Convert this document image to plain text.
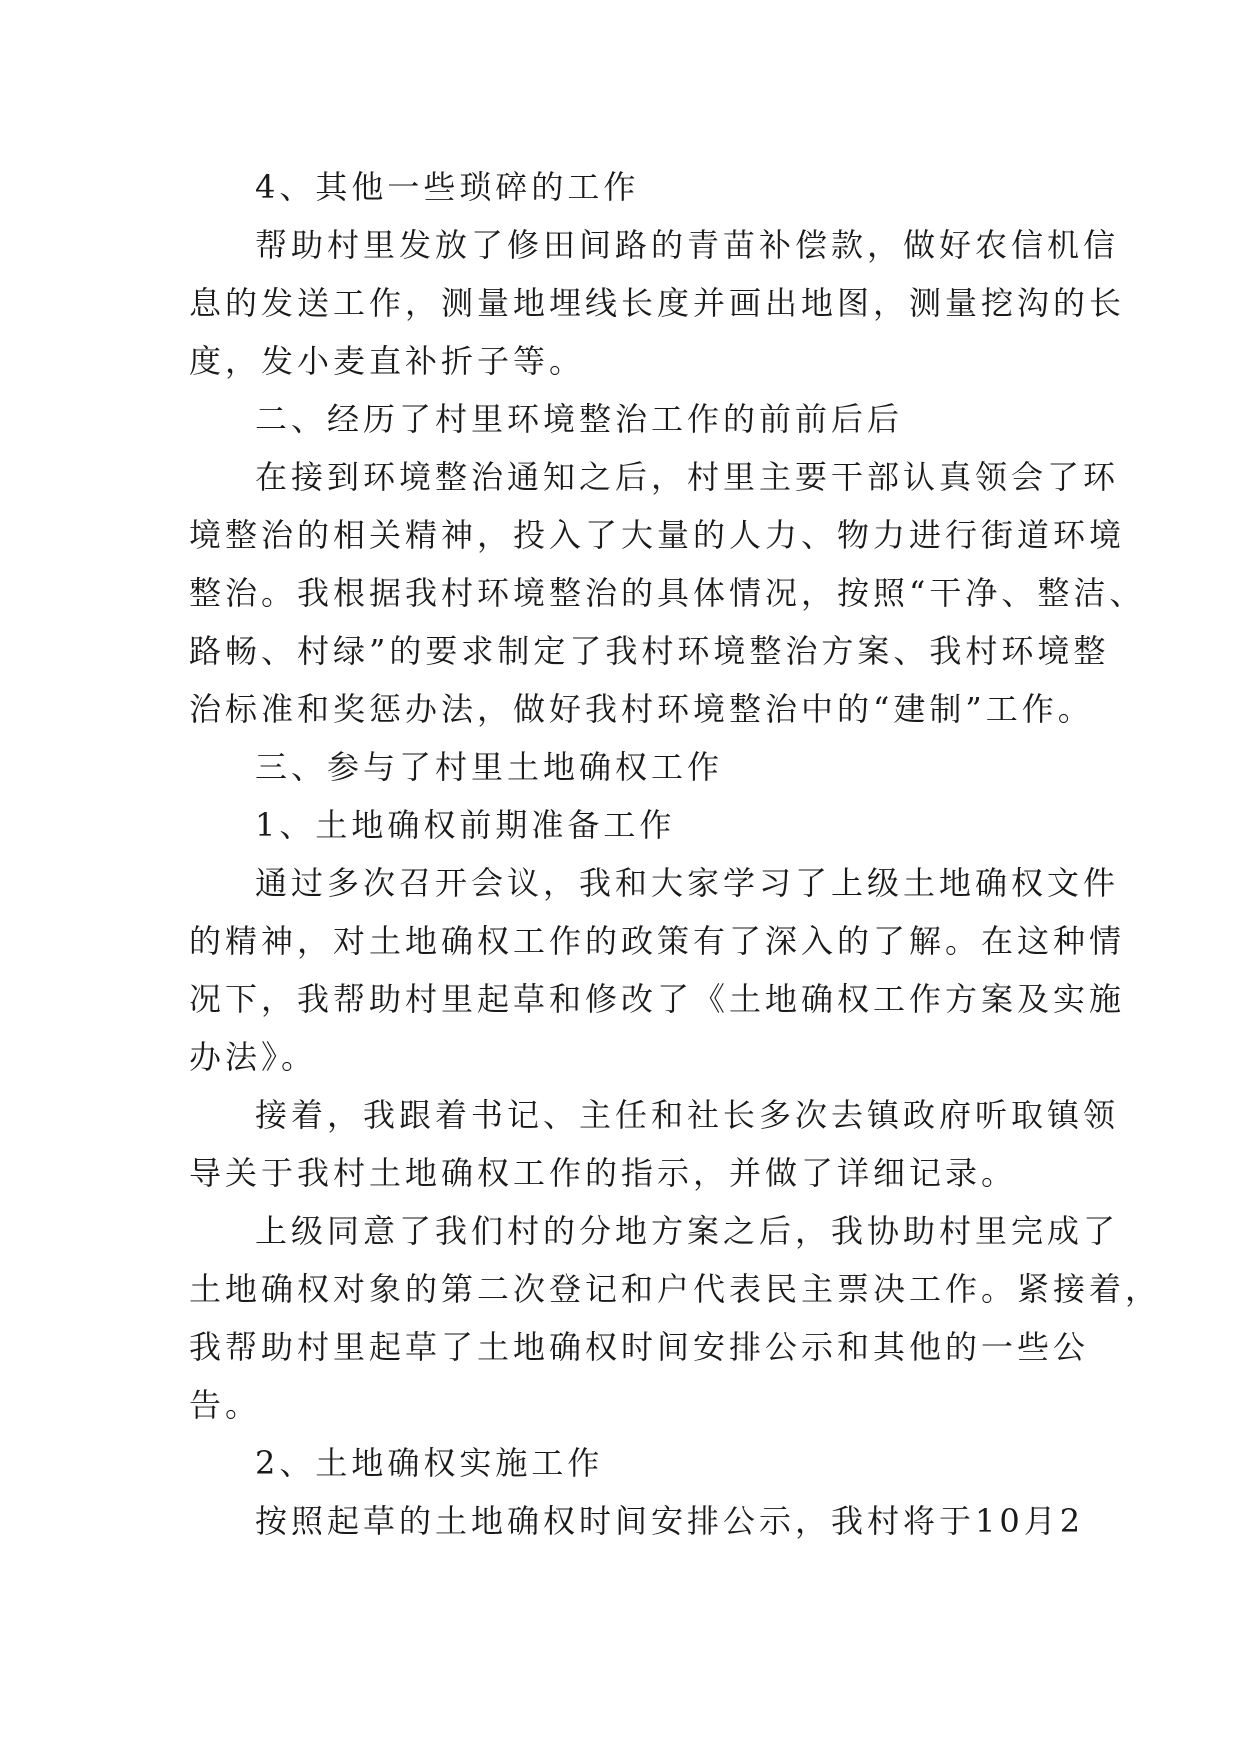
4、其他一些琐碎的工作
帮助村里发放了修田间路的青苗补偿款，做好农信机信
息的发送工作，测量地埋线长度并画出地图，测量挖沟的长
度，发小麦直补折子等。
二、经历了村里环境整治工作的前前后后
在接到环境整治通知之后，村里主要干部认真领会了环
境整治的相关精神，投入了大量的人力、物力进行街道环境
整治。我根据我村环境整治的具体情况，按照“干净、整洁、
路畅、村绿”的要求制定了我村环境整治方案、我村环境整
治标准和奖惩办法，做好我村环境整治中的“建制”工作。
三、参与了村里土地确权工作
1、土地确权前期准备工作
通过多次召开会议，我和大家学习了上级土地确权文件
的精神，对土地确权工作的政策有了深入的了解。在这种情
况下，我帮助村里起草和修改了《土地确权工作方案及实施
办法》。
接着，我跟着书记、主任和社长多次去镇政府听取镇领
导关于我村土地确权工作的指示，并做了详细记录。
上级同意了我们村的分地方案之后，我协助村里完成了
土地确权对象的第二次登记和户代表民主票决工作。紧接着，
我帮助村里起草了土地确权时间安排公示和其他的一些公
告。
2、土地确权实施工作
按照起草的土地确权时间安排公示，我村将于10月2
